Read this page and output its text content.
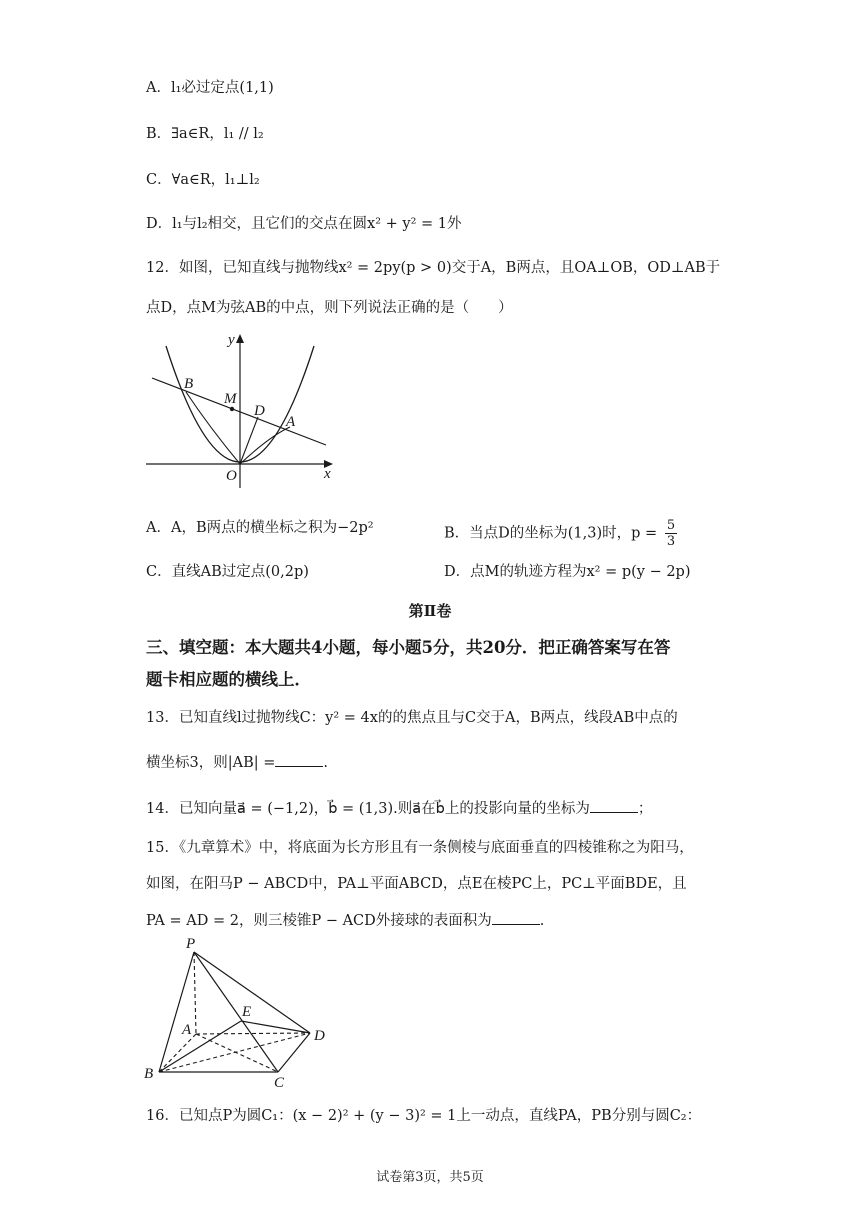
A．l₁必过定点(1,1)
B．∃a∈R，l₁ // l₂
C．∀a∈R，l₁⊥l₂
D．l₁与l₂相交，且它们的交点在圆x² + y² = 1外
12．如图，已知直线与抛物线x² = 2py(p > 0)交于A，B两点，且OA⊥OB，OD⊥AB于
点D，点M为弦AB的中点，则下列说法正确的是（　　）
y
x
O
B
M
D
A
A．A，B两点的横坐标之积为−2p²	B．当点D的坐标为(1,3)时，$p = \frac{5}{3}$
C．直线AB过定点(0,2p)	D．点M的轨迹方程为x² = p(y − 2p)
第Ⅱ卷
三、填空题：本大题共4小题，每小题5分，共20分．把正确答案写在答
题卡相应题的横线上．
13．已知直线l过抛物线C：y² = 4x的的焦点且与C交于A，B两点，线段AB中点的
横坐标3，则|AB| =	.
14．已知向量a⃗ = (−1,2)，b⃗ = (1,3).则a⃗在b⃗上的投影向量的坐标为	；
15．《九章算术》中，将底面为长方形且有一条侧棱与底面垂直的四棱锥称之为阳马，
如图，在阳马P − ABCD中，PA⊥平面ABCD，点E在棱PC上，PC⊥平面BDE，且
PA = AD = 2，则三棱锥P − ACD外接球的表面积为	.
P
A
E
D
B
C
16．已知点P为圆C₁：(x − 2)² + (y − 3)² = 1上一动点，直线PA，PB分别与圆C₂：
试卷第3页，共5页
